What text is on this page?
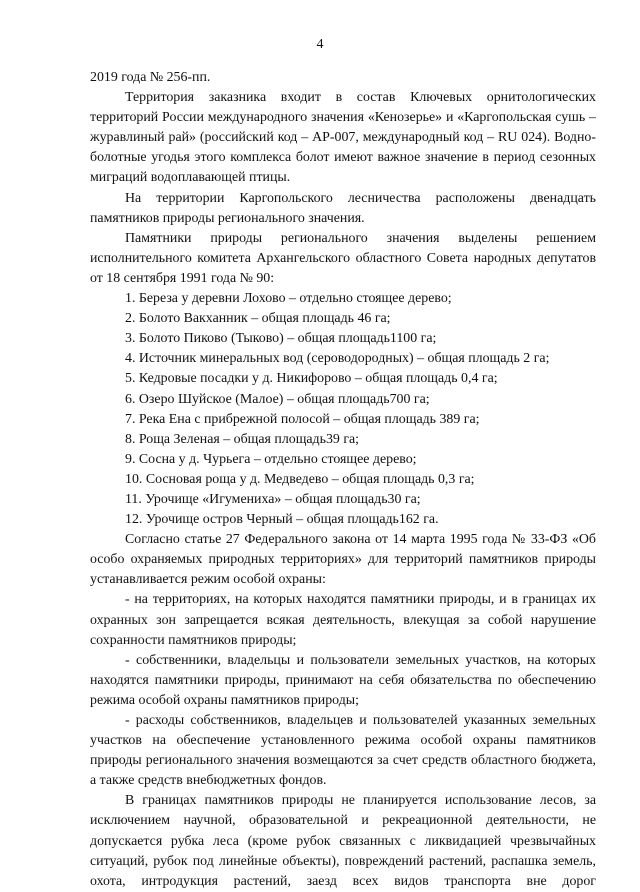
4

2019 года № 256-пп.

Территория заказника входит в состав Ключевых орнитологических территорий России международного значения «Кенозерье» и «Каргопольская сушь – журавлиный рай» (российский код – АР-007, международный код – RU 024). Водно-болотные угодья этого комплекса болот имеют важное значение в период сезонных миграций водоплавающей птицы.

На территории Каргопольского лесничества расположены двенадцать памятников природы регионального значения.

Памятники природы регионального значения выделены решением исполнительного комитета Архангельского областного Совета народных депутатов от 18 сентября 1991 года № 90:

1. Береза у деревни Лохово – отдельно стоящее дерево;

2. Болото Вакханник – общая площадь 46 га;

3. Болото Пиково (Тыково) – общая площадь1100 га;

4. Источник минеральных вод (сероводородных) – общая площадь 2 га;

5. Кедровые посадки у д. Никифорово – общая площадь 0,4 га;

6. Озеро Шуйское (Малое) – общая площадь700 га;

7. Река Ена с прибрежной полосой – общая площадь 389 га;

8. Роща Зеленая – общая площадь39 га;

9. Сосна у д. Чурьега – отдельно стоящее дерево;

10. Сосновая роща у д. Медведево – общая площадь 0,3 га;

11. Урочище «Игумениха» – общая площадь30 га;

12. Урочище остров Черный – общая площадь162 га.

Согласно статье 27 Федерального закона от 14 марта 1995 года № 33-ФЗ «Об особо охраняемых природных территориях» для территорий памятников природы устанавливается режим особой охраны:

- на территориях, на которых находятся памятники природы, и в границах их охранных зон запрещается всякая деятельность, влекущая за собой нарушение сохранности памятников природы;

- собственники, владельцы и пользователи земельных участков, на которых находятся памятники природы, принимают на себя обязательства по обеспечению режима особой охраны памятников природы;

- расходы собственников, владельцев и пользователей указанных земельных участков на обеспечение установленного режима особой охраны памятников природы регионального значения возмещаются за счет средств областного бюджета, а также средств внебюджетных фондов.

В границах памятников природы не планируется использование лесов, за исключением научной, образовательной и рекреационной деятельности, не допускается рубка леса (кроме рубок связанных с ликвидацией чрезвычайных ситуаций, рубок под линейные объекты), повреждений растений, распашка земель, охота, интродукция растений, заезд всех видов транспорта вне дорог
